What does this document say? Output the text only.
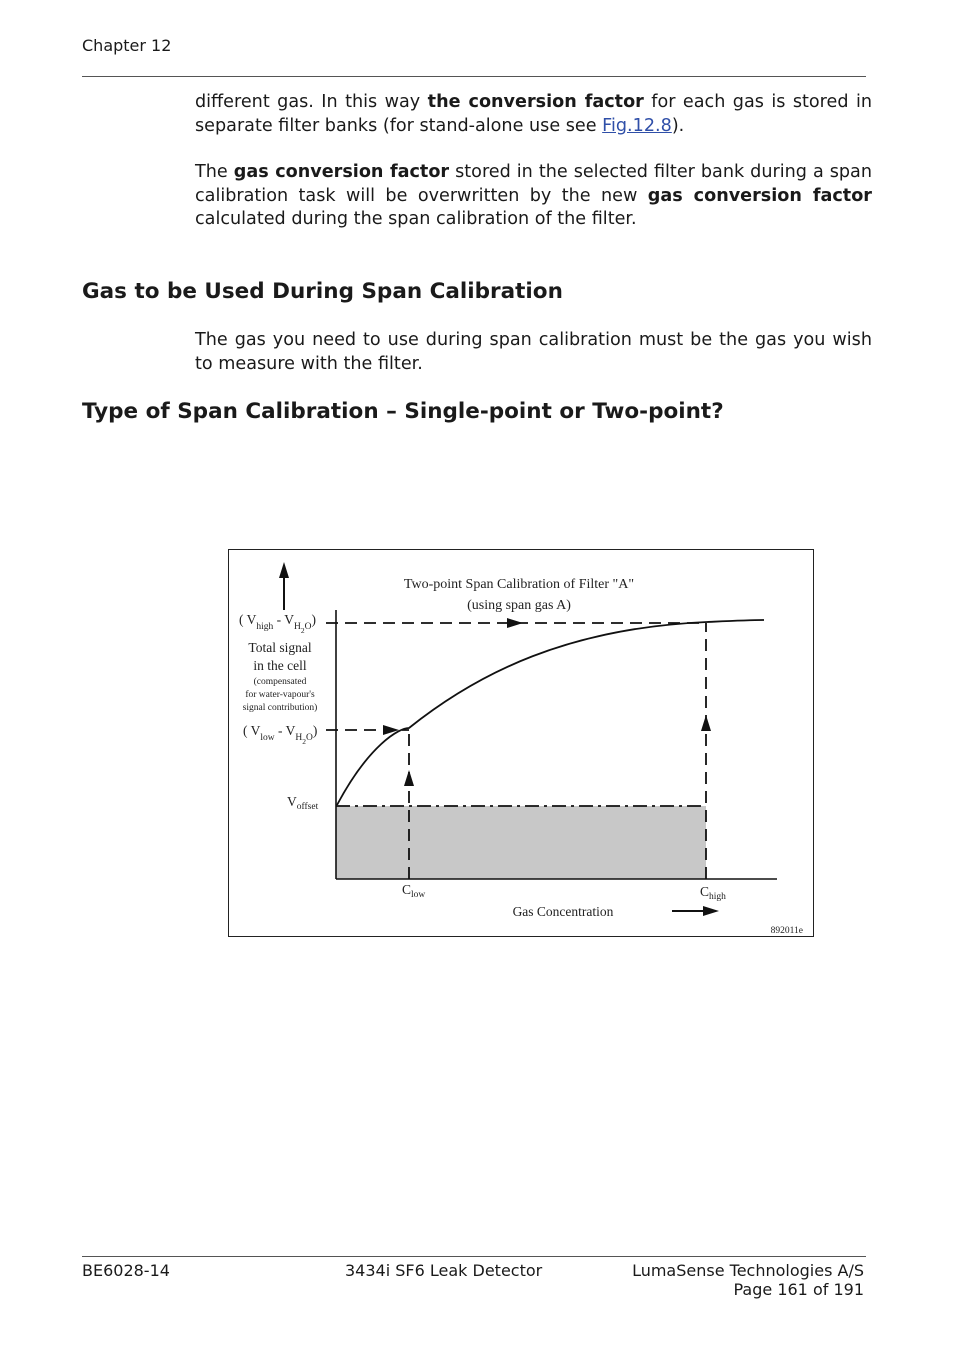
Chapter 12
different gas. In this way the conversion factor for each gas is stored in separate filter banks (for stand-alone use see Fig.12.8).
The gas conversion factor stored in the selected filter bank during a span calibration task will be overwritten by the new gas conversion factor calculated during the span calibration of the filter.
Gas to be Used During Span Calibration
The gas you need to use during span calibration must be the gas you wish to measure with the filter.
Type of Span Calibration – Single-point or Two-point?
Two-point Span Calibration of Filter "A"
(using span gas A)
( $V_{high} - V_{H2}^O$)
Total signal
in the cell
(compensated
for water-vapour's
signal contribution)
( $V_{low} - V_{H2}^O$)
$V_{offset}$
$C_{low}$	$C_{high}$
Gas Concentration
892011e
BE6028-14	3434i SF6 Leak Detector	LumaSense Technologies A/S
Page 161 of 191
